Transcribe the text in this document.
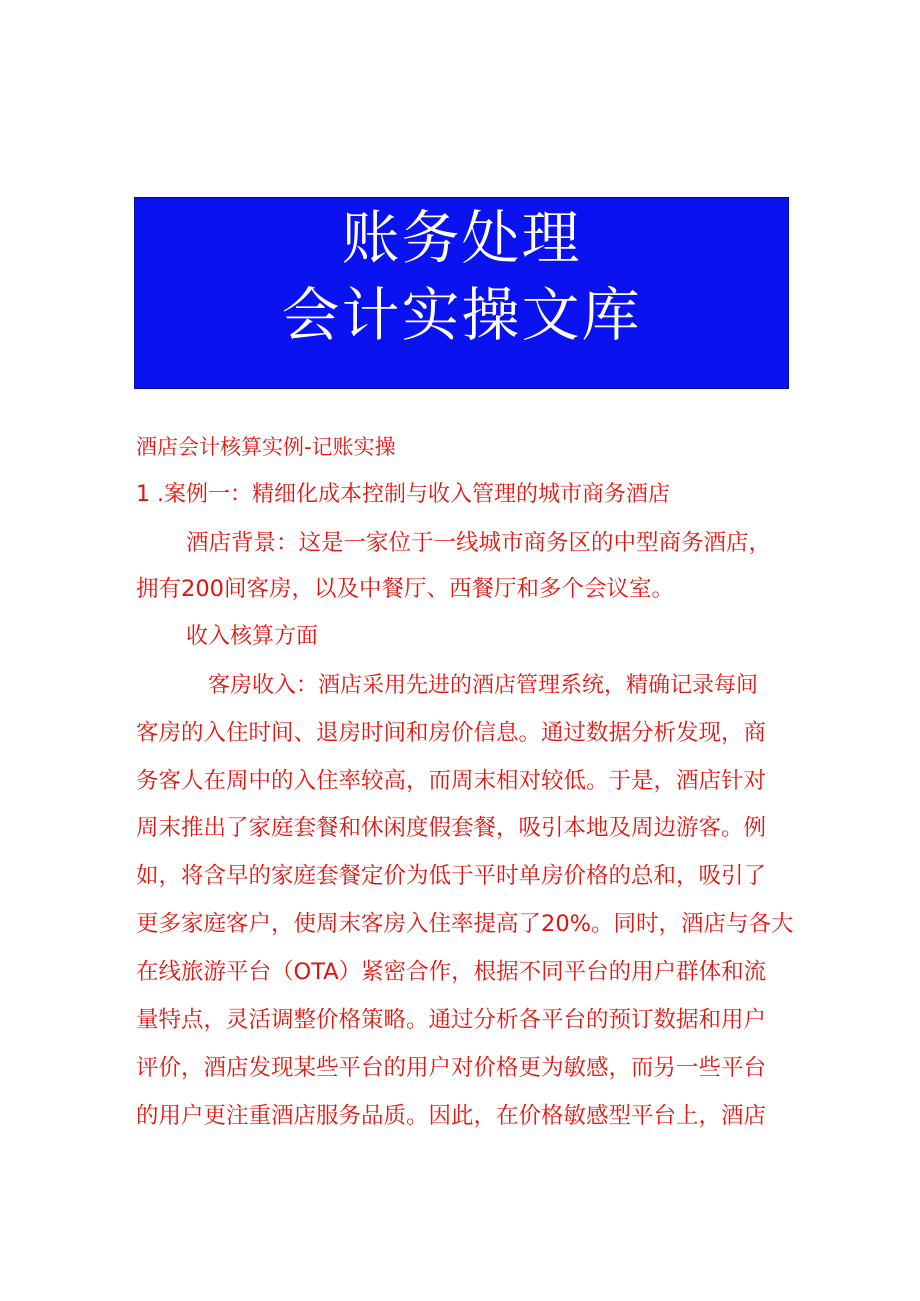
账务处理
会计实操文库
酒店会计核算实例-记账实操
1 .案例一：精细化成本控制与收入管理的城市商务酒店
酒店背景：这是一家位于一线城市商务区的中型商务酒店，
拥有200间客房，以及中餐厅、西餐厅和多个会议室。
收入核算方面
客房收入：酒店采用先进的酒店管理系统，精确记录每间
客房的入住时间、退房时间和房价信息。通过数据分析发现，商
务客人在周中的入住率较高，而周末相对较低。于是，酒店针对
周末推出了家庭套餐和休闲度假套餐，吸引本地及周边游客。例
如，将含早的家庭套餐定价为低于平时单房价格的总和，吸引了
更多家庭客户，使周末客房入住率提高了20%。同时，酒店与各大
在线旅游平台（OTA）紧密合作，根据不同平台的用户群体和流
量特点，灵活调整价格策略。通过分析各平台的预订数据和用户
评价，酒店发现某些平台的用户对价格更为敏感，而另一些平台
的用户更注重酒店服务品质。因此，在价格敏感型平台上，酒店
